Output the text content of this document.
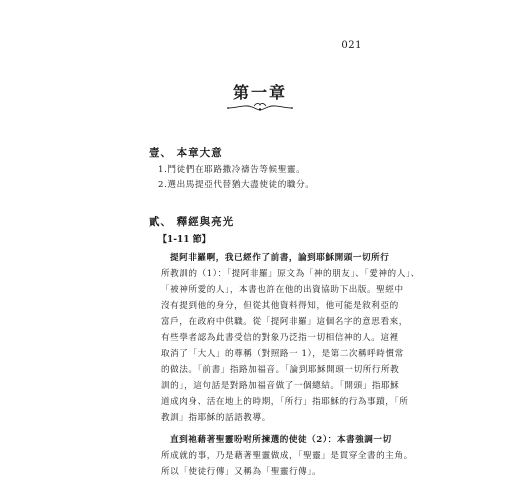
021
第一章
壹、 本章大意
1.鬥徒們在耶路撒冷禱告等候聖靈。
2.選出馬提亞代替猶大盡使徒的職分。
貳、 釋經與亮光
【1-11 節】
提阿非羅啊，我已經作了前書，論到耶穌開頭一切所行
所教訓的（1）：「提阿非羅」原文為「神的朋友」、「愛神的人」、
「被神所愛的人」，本書也許在他的出資協助下出版。聖經中
沒有提到他的身分，但從其他資料得知，他可能是敘利亞的
富戶，在政府中供職。從「提阿非羅」這個名字的意思看來，
有些學者認為此書受信的對象乃泛指一切相信神的人。這裡
取消了「大人」的尊稱（對照路一 1），是第二次稱呼時慣常
的做法。「前書」指路加福音。「論到耶穌開頭一切所行所教
訓的」，這句話是對路加福音做了一個總結。「開頭」指耶穌
道成肉身、活在地上的時期，「所行」指耶穌的行為事蹟，「所
教訓」指耶穌的話語教導。
直到祂藉著聖靈吩咐所揀選的使徒（2）：本書強調一切
所成就的事，乃是藉著聖靈做成，「聖靈」是貫穿全書的主角。
所以「使徒行傳」又稱為「聖靈行傳」。
